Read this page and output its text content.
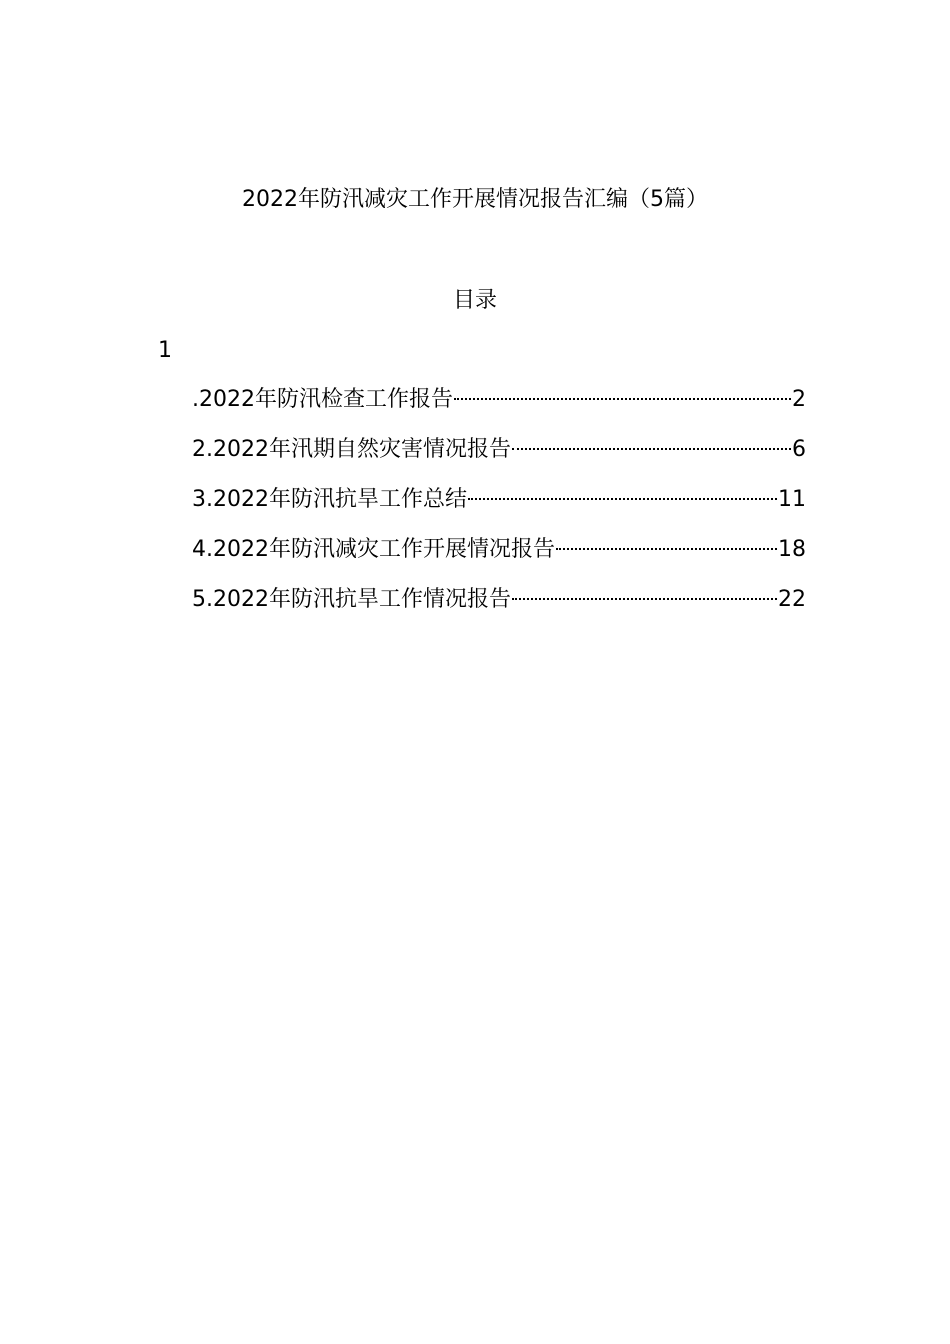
2022年防汛减灾工作开展情况报告汇编（5篇）
目录
1
.2022年防汛检查工作报告	2
2.2022年汛期自然灾害情况报告	6
3.2022年防汛抗旱工作总结	11
4.2022年防汛减灾工作开展情况报告	18
5.2022年防汛抗旱工作情况报告	22
